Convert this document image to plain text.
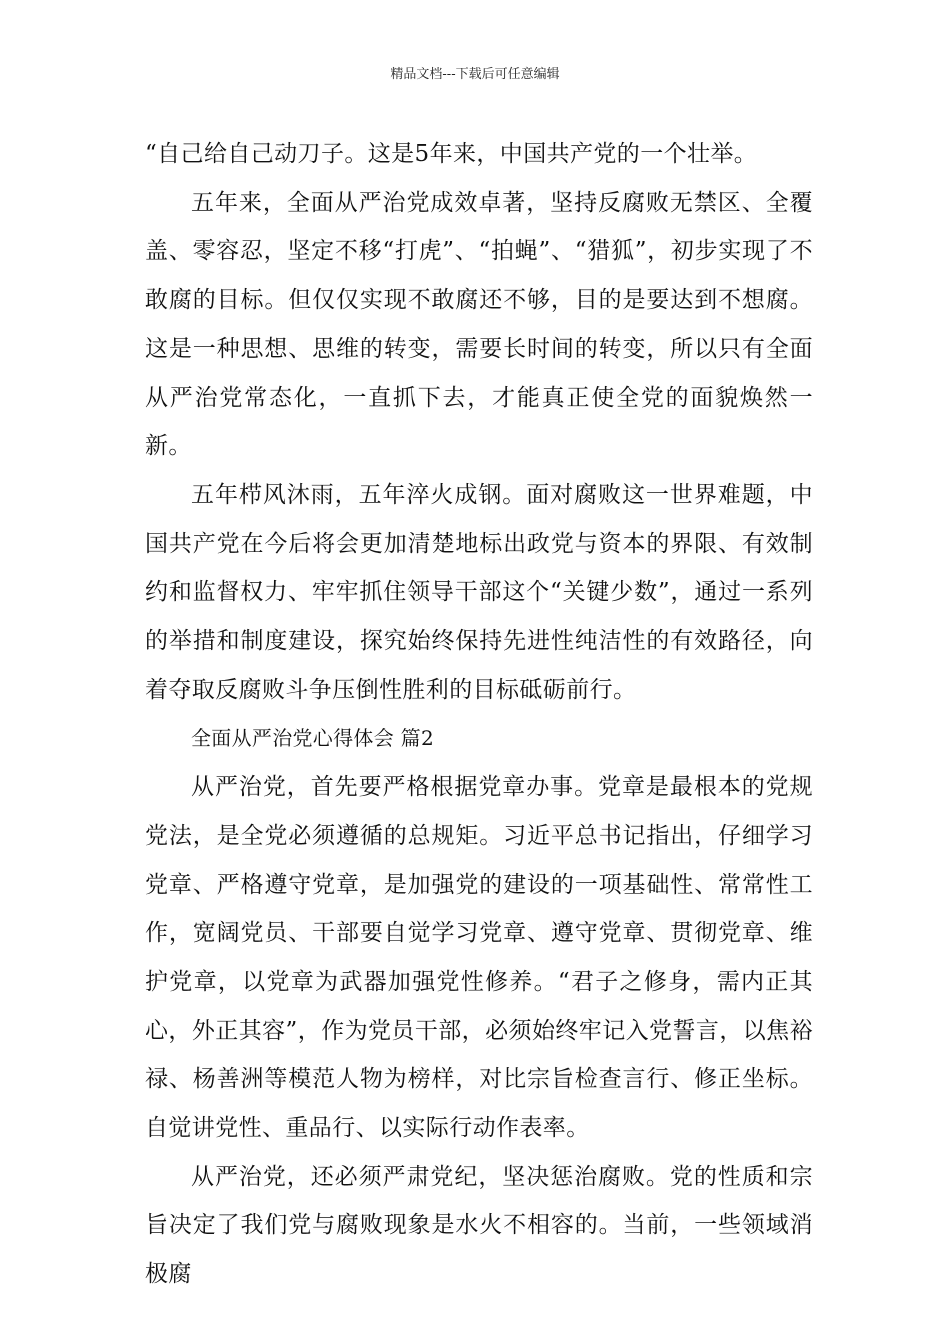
精品文档---下载后可任意编辑

“自己给自己动刀子。这是5年来，中国共产党的一个壮举。

五年来，全面从严治党成效卓著，坚持反腐败无禁区、全覆盖、零容忍，坚定不移“打虎”、“拍蝇”、“猎狐”，初步实现了不敢腐的目标。但仅仅实现不敢腐还不够，目的是要达到不想腐。这是一种思想、思维的转变，需要长时间的转变，所以只有全面从严治党常态化，一直抓下去，才能真正使全党的面貌焕然一新。

五年栉风沐雨，五年淬火成钢。面对腐败这一世界难题，中国共产党在今后将会更加清楚地标出政党与资本的界限、有效制约和监督权力、牢牢抓住领导干部这个“关键少数”，通过一系列的举措和制度建设，探究始终保持先进性纯洁性的有效路径，向着夺取反腐败斗争压倒性胜利的目标砥砺前行。

全面从严治党心得体会 篇2

从严治党，首先要严格根据党章办事。党章是最根本的党规党法，是全党必须遵循的总规矩。习近平总书记指出，仔细学习党章、严格遵守党章，是加强党的建设的一项基础性、常常性工作，宽阔党员、干部要自觉学习党章、遵守党章、贯彻党章、维护党章，以党章为武器加强党性修养。“君子之修身，需内正其心，外正其容”，作为党员干部，必须始终牢记入党誓言，以焦裕禄、杨善洲等模范人物为榜样，对比宗旨检查言行、修正坐标。自觉讲党性、重品行、以实际行动作表率。

从严治党，还必须严肃党纪，坚决惩治腐败。党的性质和宗旨决定了我们党与腐败现象是水火不相容的。当前，一些领域消极腐
